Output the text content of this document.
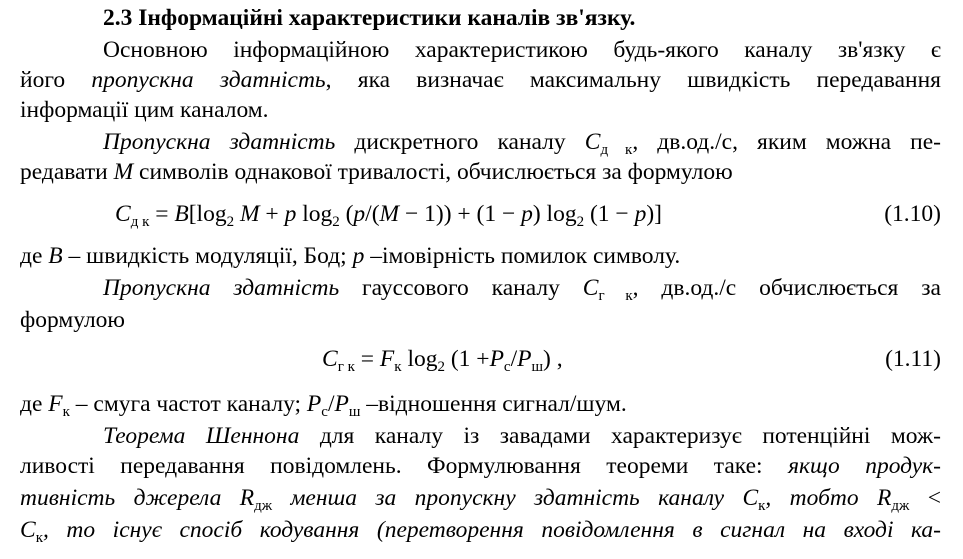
2.3 Інформаційні характеристики каналів зв'язку.
Основною інформаційною характеристикою будь-якого каналу зв'язку є
його пропускна здатність, яка визначає максимальну швидкість передавання
інформації цим каналом.
Пропускна здатність дискретного каналу $C_{д к}$, дв.од./с, яким можна пе-
редавати M символів однакової тривалості, обчислюється за формулою
$C_{д к} = B[\log_2$ M + p $\log_2 (p/(M - 1)) + (1 - p)$ $\log_2 (1 - p)$]	(1.10)
де B – швидкість модуляції, Бод; p –імовірність помилок символу.
Пропускна здатність гауссового каналу $C_{г к}$, дв.од./с обчислюється за
формулою
$C_{г к} = F_к$ $\log_2 (1 +P_с/P_ш)$ ,	(1.11)
де $F_к$ – смуга частот каналу; $P_с/P_ш$ –відношення сигнал/шум.
Теорема Шеннона для каналу із завадами характеризує потенційні мож-
ливості передавання повідомлень. Формулювання теореми таке: якщо продук-
тивність джерела $R_{дж}$ менша за пропускну здатність каналу $C_к$, тобто $R_{дж}$ <
$C_к$, то існує спосіб кодування (перетворення повідомлення в сигнал на вході ка-
